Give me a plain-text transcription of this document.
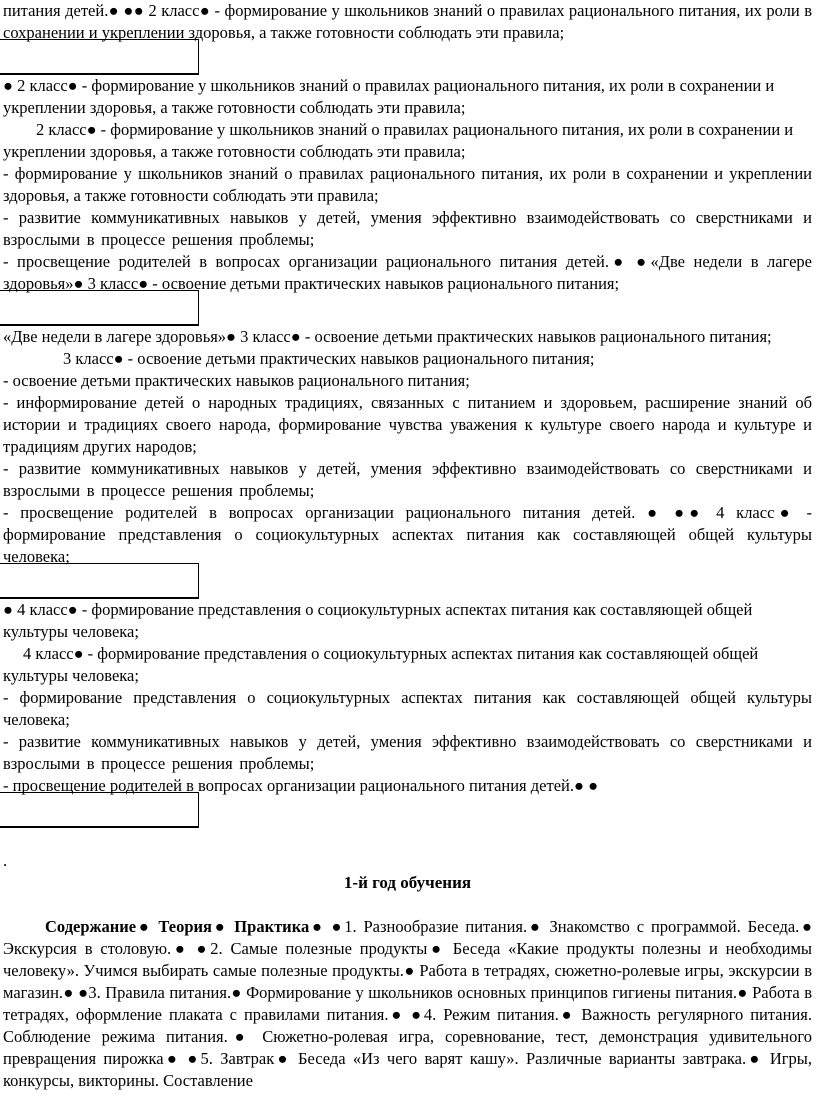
питания детей.● ●● 2 класс● - формирование у школьников знаний о правилах рационального питания, их роли в сохранении и укреплении здоровья, а также готовности соблюдать эти правила;

● 2 класс● - формирование у школьников знаний о правилах рационального питания, их роли в сохранении и укреплении здоровья, а также готовности соблюдать эти правила;

2 класс● - формирование у школьников знаний о правилах рационального питания, их роли в сохранении и укреплении здоровья, а также готовности соблюдать эти правила;

- формирование у школьников знаний о правилах рационального питания, их роли в сохранении и укреплении здоровья, а также готовности соблюдать эти правила;

- развитие коммуникативных навыков у детей, умения эффективно взаимодействовать со сверстниками и взрослыми в процессе решения проблемы;

- просвещение родителей в вопросах организации рационального питания детей.● ●«Две недели в лагере здоровья»● 3 класс● - освоение детьми практических навыков рационального питания;

«Две недели в лагере здоровья»● 3 класс● - освоение детьми практических навыков рационального питания;

3 класс● - освоение детьми практических навыков рационального питания;

- освоение детьми практических навыков рационального питания;

- информирование детей о народных традициях, связанных с питанием и здоровьем, расширение знаний об истории и традициях своего народа, формирование чувства уважения к культуре своего народа и культуре и традициям других народов;

- развитие коммуникативных навыков у детей, умения эффективно взаимодействовать со сверстниками и взрослыми в процессе решения проблемы;

- просвещение родителей в вопросах организации рационального питания детей. ● ●● 4 класс● - формирование представления о социокультурных аспектах питания как составляющей общей культуры человека;

● 4 класс● - формирование представления о социокультурных аспектах питания как составляющей общей культуры человека;

4 класс● - формирование представления о социокультурных аспектах питания как составляющей общей культуры человека;

- формирование представления о социокультурных аспектах питания как составляющей общей культуры человека;

- развитие коммуникативных навыков у детей, умения эффективно взаимодействовать со сверстниками и взрослыми в процессе решения проблемы;

- просвещение родителей в вопросах организации рационального питания детей.● ●

.

1-й год обучения

Содержание● Теория● Практика● ●1. Разнообразие питания.● Знакомство с программой. Беседа.● Экскурсия в столовую.● ●2. Самые полезные продукты● Беседа «Какие продукты полезны и необходимы человеку». Учимся выбирать самые полезные продукты.● Работа в тетрадях, сюжетно-ролевые игры, экскурсии в магазин.● ●3. Правила питания.● Формирование у школьников основных принципов гигиены питания.● Работа в тетрадях, оформление плаката с правилами питания.● ●4. Режим питания.● Важность регулярного питания. Соблюдение режима питания.● Сюжетно-ролевая игра, соревнование, тест, демонстрация удивительного превращения пирожка● ●5. Завтрак● Беседа «Из чего варят кашу». Различные варианты завтрака.● Игры, конкурсы, викторины. Составление
